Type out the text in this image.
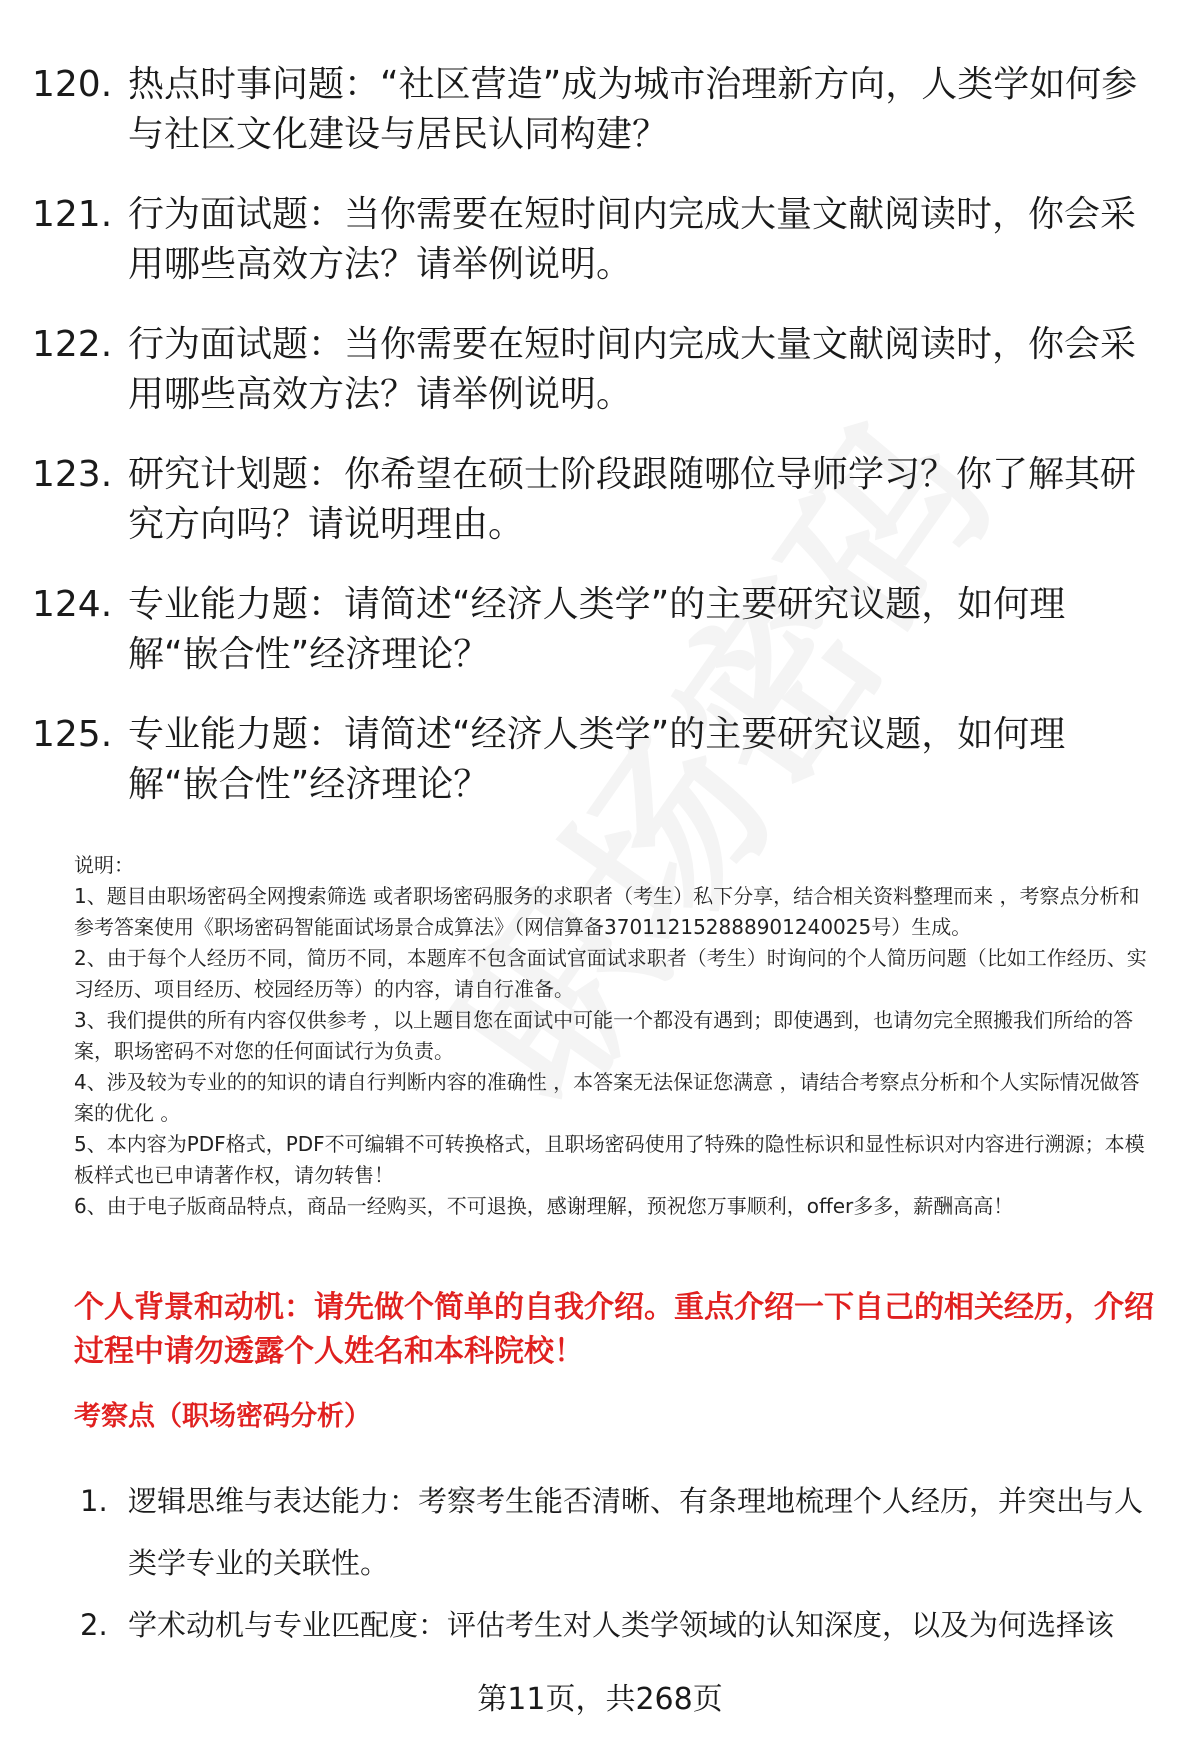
120. 热点时事问题：“社区营造”成为城市治理新方向，人类学如何参与社区文化建设与居民认同构建？
121. 行为面试题：当你需要在短时间内完成大量文献阅读时，你会采用哪些高效方法？请举例说明。
122. 行为面试题：当你需要在短时间内完成大量文献阅读时，你会采用哪些高效方法？请举例说明。
123. 研究计划题：你希望在硕士阶段跟随哪位导师学习？你了解其研究方向吗？请说明理由。
124. 专业能力题：请简述“经济人类学”的主要研究议题，如何理解“嵌合性”经济理论？
125. 专业能力题：请简述“经济人类学”的主要研究议题，如何理解“嵌合性”经济理论？
说明：
1、题目由职场密码全网搜索筛选 或者职场密码服务的求职者（考生）私下分享，结合相关资料整理而来 ，考察点分析和参考答案使用《职场密码智能面试场景合成算法》（网信算备370112152888901240025号）生成。
2、由于每个人经历不同，简历不同，本题库不包含面试官面试求职者（考生）时询问的个人简历问题（比如工作经历、实习经历、项目经历、校园经历等）的内容，请自行准备。
3、我们提供的所有内容仅供参考 ，以上题目您在面试中可能一个都没有遇到；即使遇到，也请勿完全照搬我们所给的答案，职场密码不对您的任何面试行为负责。
4、涉及较为专业的的知识的请自行判断内容的准确性 ，本答案无法保证您满意 ，请结合考察点分析和个人实际情况做答案的优化 。
5、本内容为PDF格式，PDF不可编辑不可转换格式，且职场密码使用了特殊的隐性标识和显性标识对内容进行溯源；本模板样式也已申请著作权，请勿转售！
6、由于电子版商品特点，商品一经购买，不可退换，感谢理解，预祝您万事顺利，offer多多，薪酬高高！
个人背景和动机：请先做个简单的自我介绍。重点介绍一下自己的相关经历，介绍过程中请勿透露个人姓名和本科院校！
考察点（职场密码分析）
1. 逻辑思维与表达能力：考察考生能否清晰、有条理地梳理个人经历，并突出与人类学专业的关联性。
2. 学术动机与专业匹配度：评估考生对人类学领域的认知深度，以及为何选择该
第11页，共268页
